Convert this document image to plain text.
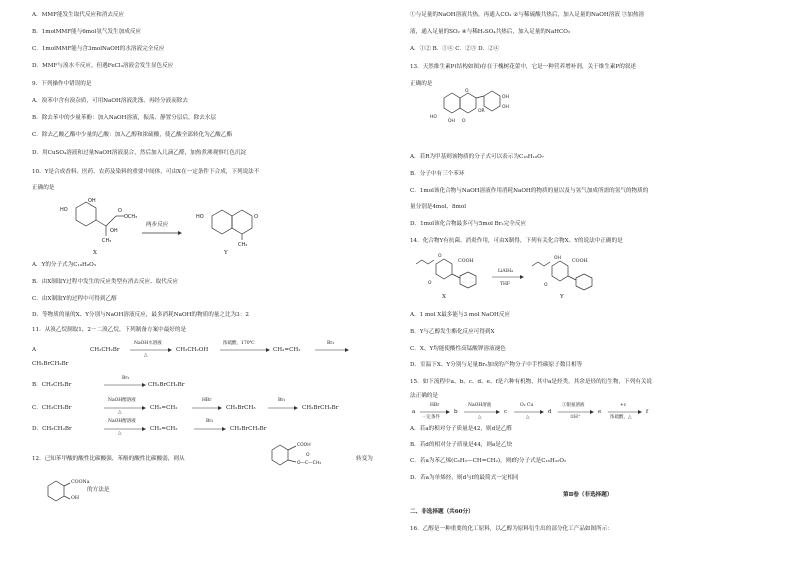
A．MMF能发生取代反应和消去反应
B．1molMMF能与6mol氢气发生加成反应
C．1molMMF能与含3molNaOH的水溶液完全反应
D．MMF与溴水不反应，但遇FeCl₃溶液会发生显色反应
9．下列操作中错误的是
A．溴苯中含有溴杂质，可用NaOH溶液洗涤，再经分液而除去
B．除去苯中的少量苯酚：加入NaOH溶液，振荡、静置分层后，除去水层
C．除去乙酸乙酯中少量的乙酸：加入乙醇和浓硫酸，使乙酸全部转化为乙酸乙酯
D．用CuSO₄溶液和过量NaOH溶液混合，然后加入几滴乙醛，加热煮沸观察红色沉淀
10．Y是合成香料、医药、农药及染料的重要中间体，可由X在一定条件下合成，下列说法不
正确的是
HO
OH
O
OCH₃
CH₃
OH
X
两步反应
HO	O
CH₃
Y
A．Y的分子式为C₁₀H₈O₃
B．由X制取Y过程中发生的反应类型有消去反应、取代反应
C．由X制取Y的过程中可得到乙醇
D．等物质的量的X、Y分别与NaOH溶液反应，最多消耗NaOH的物质的量之比为3：2
11．从溴乙烷制取1，2－二溴乙烷，下列制备方案中最好的是
A	CH₃CH₂Br
NaOH水溶液
△
CH₃CH₂OH
浓硫酸，170℃
CH₂=CH₂
Br₂
CH₂BrCH₂Br
B．CH₃CH₂Br
Br₂
CH₂BrCH₂Br
C．CH₃CH₂Br
NaOH醇溶液
△
CH₂=CH₂
HBr
CH₂BrCH₃
Br₂
CH₂BrCH₂Br
D．CH₃CH₂Br
NaOH醇溶液
△
CH₂=CH₂
Br₂
CH₂BrCH₂Br
12．已知苯甲酸的酸性比碳酸强，苯酚的酸性比碳酸弱，则从
COOH
O—C—CH₃
O
转变为
COONa
OH
的方法是
①与足量的NaOH溶液共热，再通入CO₂ ②与稀硫酸共热后，加入足量的NaOH溶液 ③加热溶
液，通入足量的SO₂ ④与稀H₂SO₄共热后，加入足量的NaHCO₃
A．①② B．①④ C．②③ D．②④
13．天然维生素P(结构如图)存在于槐树花蕾中，它是一种营养增补剂，关于维生素P的叙述
正确的是
O
OH
OH
OR
HO
OH O
A．若R为甲基则该物质的分子式可以表示为C₁₆H₁₀O₇
B．分子中有三个苯环
C．1mol该化合物与NaOH溶液作用消耗NaOH的物质的量以及与氢气加成所需的氢气的物质的
量分别是4mol、8mol
D．1mol该化合物最多可与5mol Br₂完全反应
14．化合物Y有抗菌、消炎作用，可由X制得，下列有关化合物X、Y的说法中正确的是
O
O
COOH
X
LiAlH₄
THF
OH
O
COOH
Y
A．1 mol X最多能与3 mol NaOH反应
B．Y与乙醇发生酯化反应可得到X
C．X、Y均能使酸性高锰酸钾溶液褪色
D．室温下X、Y分别与足量Br₂加成的产物分子中手性碳原子数目相等
15．如下流程中a、b、c、d、e、f是六种有机物，其中a是烃类，其余是烃的衍生物，下列有关说
法正确的是
a
HBr
一定条件
b
NaOH溶液
△
c
O₂ Cu
△
d
①银氨溶液
②H⁺
e
+c
浓硫酸，△
f
A．若a的相对分子质量是42，则d是乙醛
B．若d的相对分子质量是44，则a是乙炔
C．若a为苯乙烯(C₆H₅—CH=CH₂)，则f的分子式是C₁₆H₃₂O₂
D．若a为单烯烃，则d与f的最简式一定相同
第Ⅱ卷（非选择题）
二、非选择题（共60分）
16．乙醇是一种重要的化工原料，以乙醇为原料衍生出的部分化工产品如图所示：
